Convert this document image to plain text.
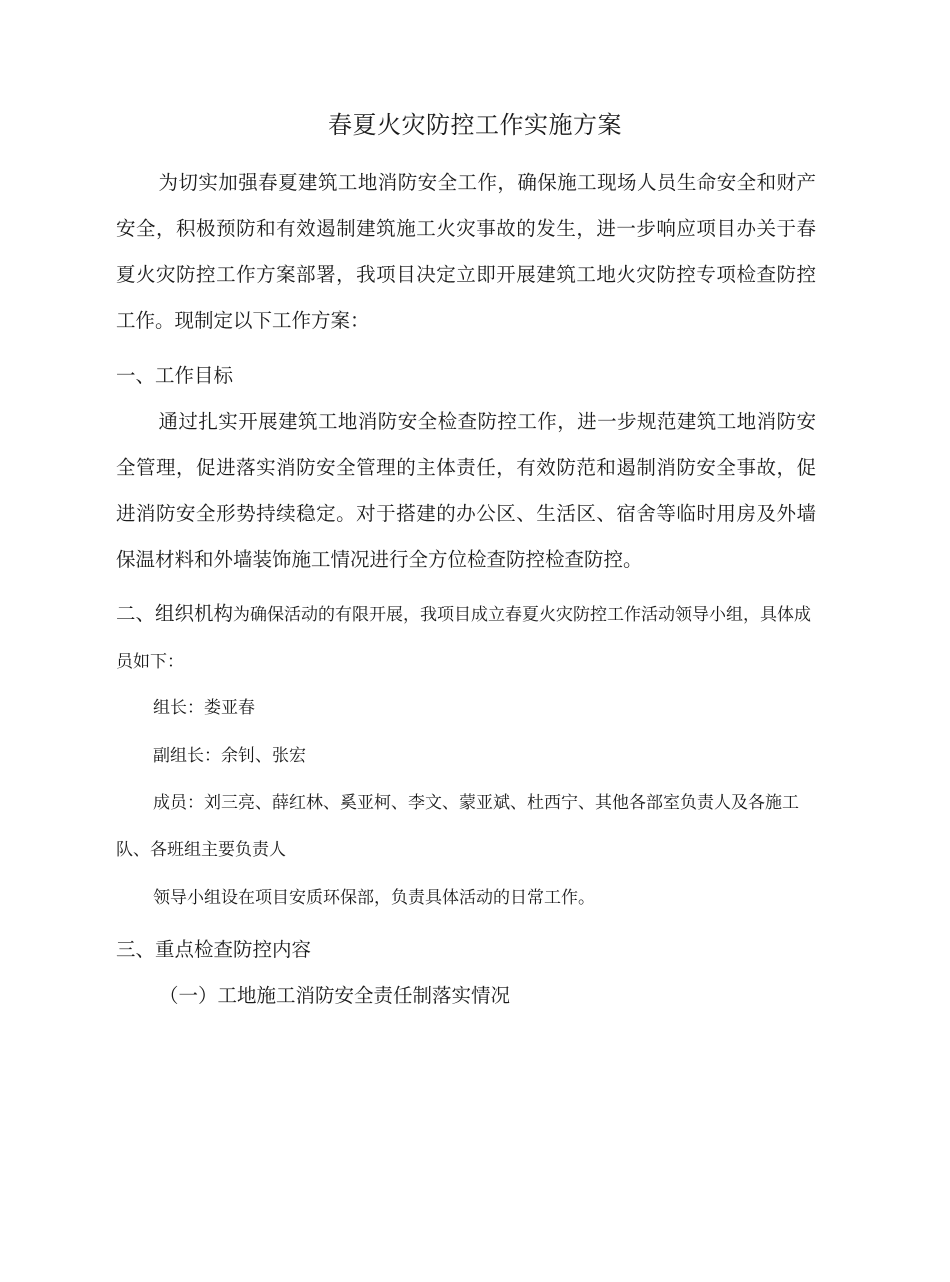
春夏火灾防控工作实施方案
为切实加强春夏建筑工地消防安全工作，确保施工现场人员生命安全和财产安全，积极预防和有效遏制建筑施工火灾事故的发生，进一步响应项目办关于春夏火灾防控工作方案部署，我项目决定立即开展建筑工地火灾防控专项检查防控工作。现制定以下工作方案：
一、工作目标
通过扎实开展建筑工地消防安全检查防控工作，进一步规范建筑工地消防安全管理，促进落实消防安全管理的主体责任，有效防范和遏制消防安全事故，促进消防安全形势持续稳定。对于搭建的办公区、生活区、宿舍等临时用房及外墙保温材料和外墙装饰施工情况进行全方位检查防控检查防控。
二、组织机构为确保活动的有限开展，我项目成立春夏火灾防控工作活动领导小组，具体成员如下：
组长：娄亚春
副组长：余钊、张宏
成员：刘三亮、薛红林、奚亚柯、李文、蒙亚斌、杜西宁、其他各部室负责人及各施工队、各班组主要负责人
领导小组设在项目安质环保部，负责具体活动的日常工作。
三、重点检查防控内容
（一）工地施工消防安全责任制落实情况
